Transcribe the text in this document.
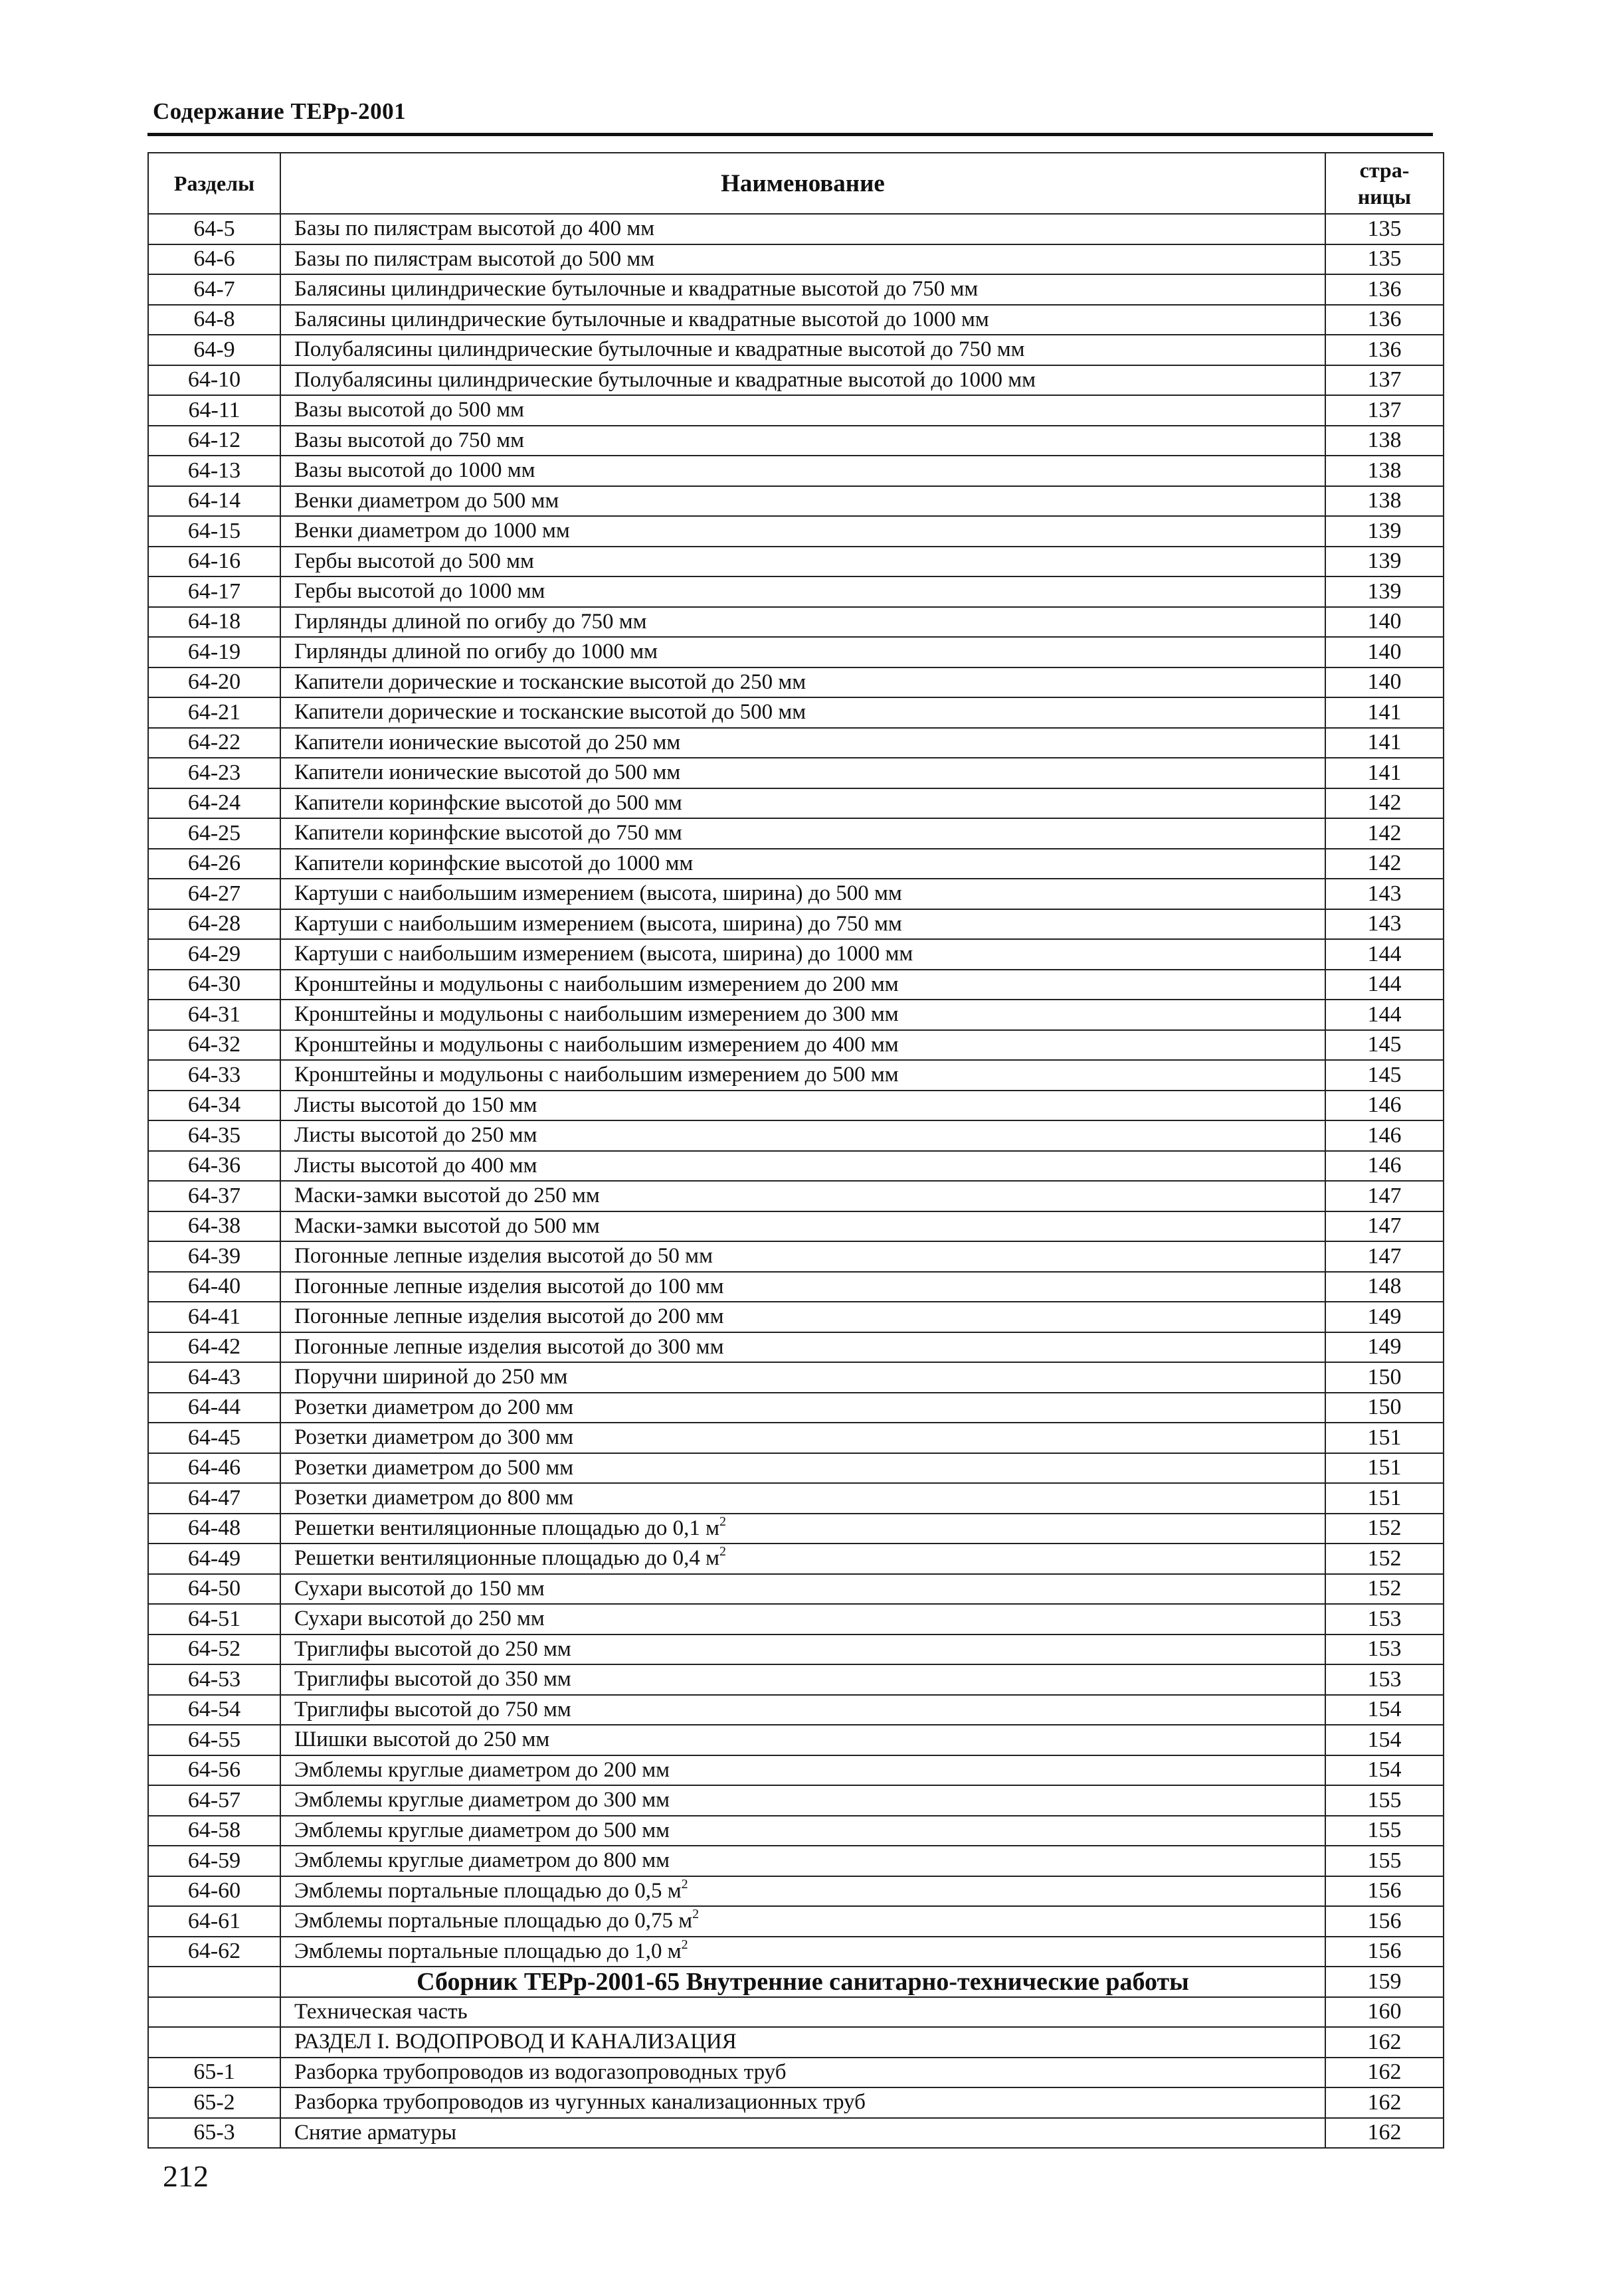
Содержание ТЕРр-2001
Разделы	Наименование	стра-
ницы
64-5	Базы по пилястрам высотой до 400 мм	135
64-6	Базы по пилястрам высотой до 500 мм	135
64-7	Балясины цилиндрические бутылочные и квадратные высотой до 750 мм	136
64-8	Балясины цилиндрические бутылочные и квадратные высотой до 1000 мм	136
64-9	Полубалясины цилиндрические бутылочные и квадратные высотой до 750 мм	136
64-10	Полубалясины цилиндрические бутылочные и квадратные высотой до 1000 мм	137
64-11	Вазы высотой до 500 мм	137
64-12	Вазы высотой до 750 мм	138
64-13	Вазы высотой до 1000 мм	138
64-14	Венки диаметром до 500 мм	138
64-15	Венки диаметром до 1000 мм	139
64-16	Гербы высотой до 500 мм	139
64-17	Гербы высотой до 1000 мм	139
64-18	Гирлянды длиной по огибу до 750 мм	140
64-19	Гирлянды длиной по огибу до 1000 мм	140
64-20	Капители дорические и тосканские высотой до 250 мм	140
64-21	Капители дорические и тосканские высотой до 500 мм	141
64-22	Капители ионические высотой до 250 мм	141
64-23	Капители ионические высотой до 500 мм	141
64-24	Капители коринфские высотой до 500 мм	142
64-25	Капители коринфские высотой до 750 мм	142
64-26	Капители коринфские высотой до 1000 мм	142
64-27	Картуши с наибольшим измерением (высота, ширина) до 500 мм	143
64-28	Картуши с наибольшим измерением (высота, ширина) до 750 мм	143
64-29	Картуши с наибольшим измерением (высота, ширина) до 1000 мм	144
64-30	Кронштейны и модульоны с наибольшим измерением до 200 мм	144
64-31	Кронштейны и модульоны с наибольшим измерением до 300 мм	144
64-32	Кронштейны и модульоны с наибольшим измерением до 400 мм	145
64-33	Кронштейны и модульоны с наибольшим измерением до 500 мм	145
64-34	Листы высотой до 150 мм	146
64-35	Листы высотой до 250 мм	146
64-36	Листы высотой до 400 мм	146
64-37	Маски-замки высотой до 250 мм	147
64-38	Маски-замки высотой до 500 мм	147
64-39	Погонные лепные изделия высотой до 50 мм	147
64-40	Погонные лепные изделия высотой до 100 мм	148
64-41	Погонные лепные изделия высотой до 200 мм	149
64-42	Погонные лепные изделия высотой до 300 мм	149
64-43	Поручни шириной до 250 мм	150
64-44	Розетки диаметром до 200 мм	150
64-45	Розетки диаметром до 300 мм	151
64-46	Розетки диаметром до 500 мм	151
64-47	Розетки диаметром до 800 мм	151
64-48	Решетки вентиляционные площадью до 0,1 $м^2$	152
64-49	Решетки вентиляционные площадью до 0,4 $м^2$	152
64-50	Сухари высотой до 150 мм	152
64-51	Сухари высотой до 250 мм	153
64-52	Триглифы высотой до 250 мм	153
64-53	Триглифы высотой до 350 мм	153
64-54	Триглифы высотой до 750 мм	154
64-55	Шишки высотой до 250 мм	154
64-56	Эмблемы круглые диаметром до 200 мм	154
64-57	Эмблемы круглые диаметром до 300 мм	155
64-58	Эмблемы круглые диаметром до 500 мм	155
64-59	Эмблемы круглые диаметром до 800 мм	155
64-60	Эмблемы портальные площадью до 0,5 $м^2$	156
64-61	Эмблемы портальные площадью до 0,75 $м^2$	156
64-62	Эмблемы портальные площадью до 1,0 $м^2$	156
	Сборник ТЕРр-2001-65 Внутренние санитарно-технические работы	159
	Техническая часть	160
	РАЗДЕЛ I. ВОДОПРОВОД И КАНАЛИЗАЦИЯ	162
65-1	Разборка трубопроводов из водогазопроводных труб	162
65-2	Разборка трубопроводов из чугунных канализационных труб	162
65-3	Снятие арматуры	162
212
